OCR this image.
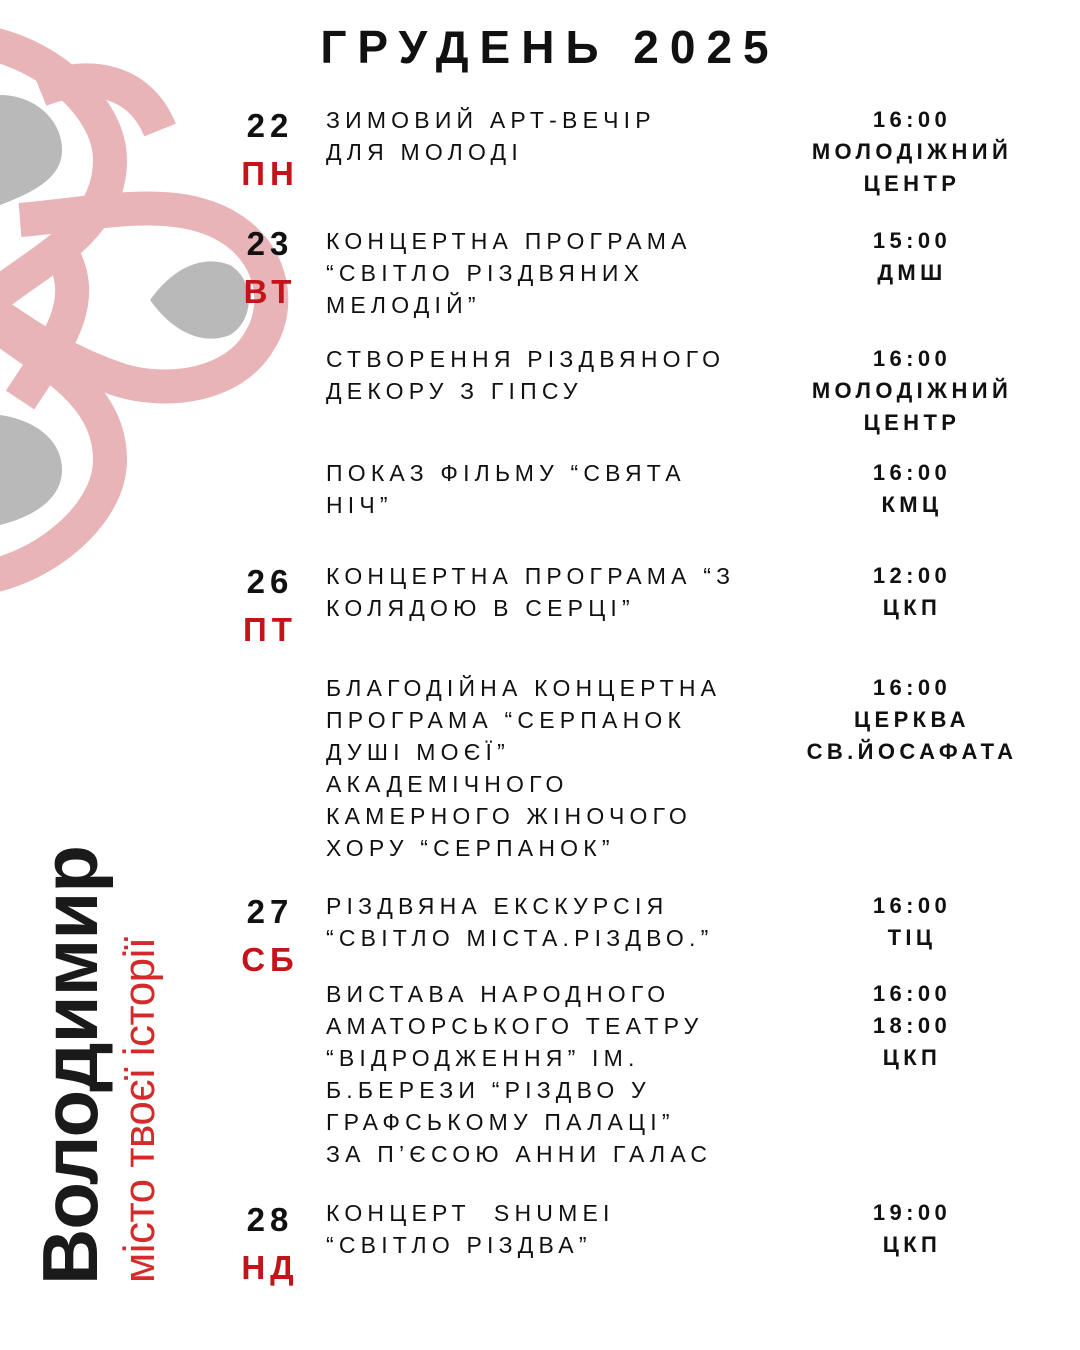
ГРУДЕНЬ 2025
Володимир місто твоєї історії
22
ПН
23
ВТ
26
ПТ
27
СБ
28
НД
ЗИМОВИЙ АРТ-ВЕЧІР
ДЛЯ МОЛОДІ
16:00
МОЛОДІЖНИЙ
ЦЕНТР
КОНЦЕРТНА ПРОГРАМА
“СВІТЛО РІЗДВЯНИХ
МЕЛОДІЙ”
15:00
ДМШ
СТВОРЕННЯ РІЗДВЯНОГО
ДЕКОРУ З ГІПСУ
16:00
МОЛОДІЖНИЙ
ЦЕНТР
ПОКАЗ ФІЛЬМУ “СВЯТА
НІЧ”
16:00
КМЦ
КОНЦЕРТНА ПРОГРАМА “З
КОЛЯДОЮ В СЕРЦІ”
12:00
ЦКП
БЛАГОДІЙНА КОНЦЕРТНА
ПРОГРАМА “СЕРПАНОК
ДУШІ МОЄЇ”
АКАДЕМІЧНОГО
КАМЕРНОГО ЖІНОЧОГО
ХОРУ “СЕРПАНОК”
16:00
ЦЕРКВА
СВ.ЙОСАФАТА
РІЗДВЯНА ЕКСКУРСІЯ
“СВІТЛО МІСТА.РІЗДВО.”
16:00
ТІЦ
ВИСТАВА НАРОДНОГО
АМАТОРСЬКОГО ТЕАТРУ
“ВІДРОДЖЕННЯ” ІМ.
Б.БЕРЕЗИ “РІЗДВО У
ГРАФСЬКОМУ ПАЛАЦІ”
ЗА П’ЄСОЮ АННИ ГАЛАС
16:00
18:00
ЦКП
КОНЦЕРТ  SHUMEI
“СВІТЛО РІЗДВА”
19:00
ЦКП
